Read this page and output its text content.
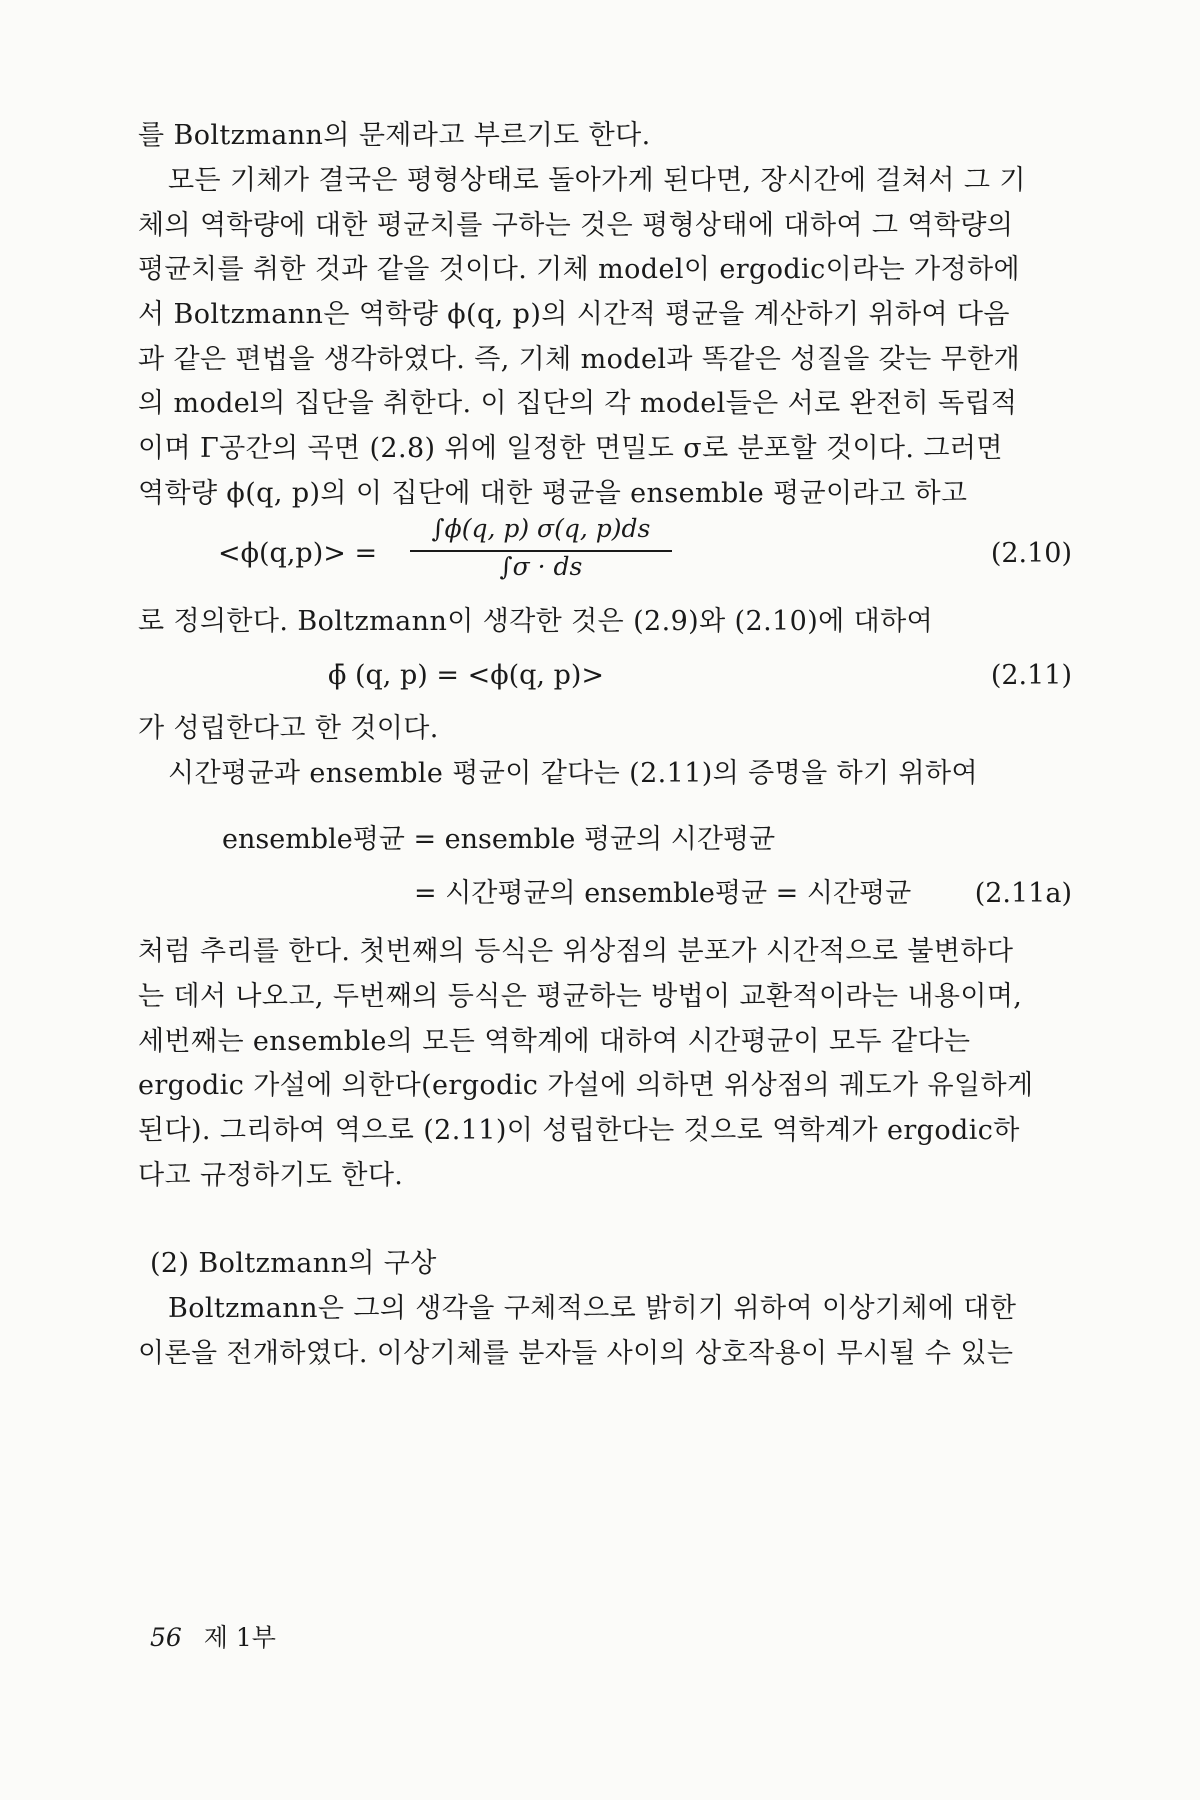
를 Boltzmann의 문제라고 부르기도 한다.
모든 기체가 결국은 평형상태로 돌아가게 된다면, 장시간에 걸쳐서 그 기
체의 역학량에 대한 평균치를 구하는 것은 평형상태에 대하여 그 역학량의
평균치를 취한 것과 같을 것이다. 기체 model이 ergodic이라는 가정하에
서 Boltzmann은 역학량 ϕ(q, p)의 시간적 평균을 계산하기 위하여 다음
과 같은 편법을 생각하였다. 즉, 기체 model과 똑같은 성질을 갖는 무한개
의 model의 집단을 취한다. 이 집단의 각 model들은 서로 완전히 독립적
이며 Γ공간의 곡면 (2.8) 위에 일정한 면밀도 σ로 분포할 것이다. 그러면
역학량 ϕ(q, p)의 이 집단에 대한 평균을 ensemble 평균이라고 하고
<ϕ(q,p)> =
∫ϕ(q, p) σ(q, p)ds
∫σ · ds	(2.10)
로 정의한다. Boltzmann이 생각한 것은 (2.9)와 (2.10)에 대하여
ϕ̄ (q, p) = <ϕ(q, p)>	(2.11)
가 성립한다고 한 것이다.
시간평균과 ensemble 평균이 같다는 (2.11)의 증명을 하기 위하여
ensemble평균 = ensemble 평균의 시간평균
= 시간평균의 ensemble평균 = 시간평균 (2.11a)
처럼 추리를 한다. 첫번째의 등식은 위상점의 분포가 시간적으로 불변하다
는 데서 나오고, 두번째의 등식은 평균하는 방법이 교환적이라는 내용이며,
세번째는 ensemble의 모든 역학계에 대하여 시간평균이 모두 같다는
ergodic 가설에 의한다(ergodic 가설에 의하면 위상점의 궤도가 유일하게
된다). 그리하여 역으로 (2.11)이 성립한다는 것으로 역학계가 ergodic하
다고 규정하기도 한다.
(2) Boltzmann의 구상
Boltzmann은 그의 생각을 구체적으로 밝히기 위하여 이상기체에 대한
이론을 전개하였다. 이상기체를 분자들 사이의 상호작용이 무시될 수 있는
56 제 1부
